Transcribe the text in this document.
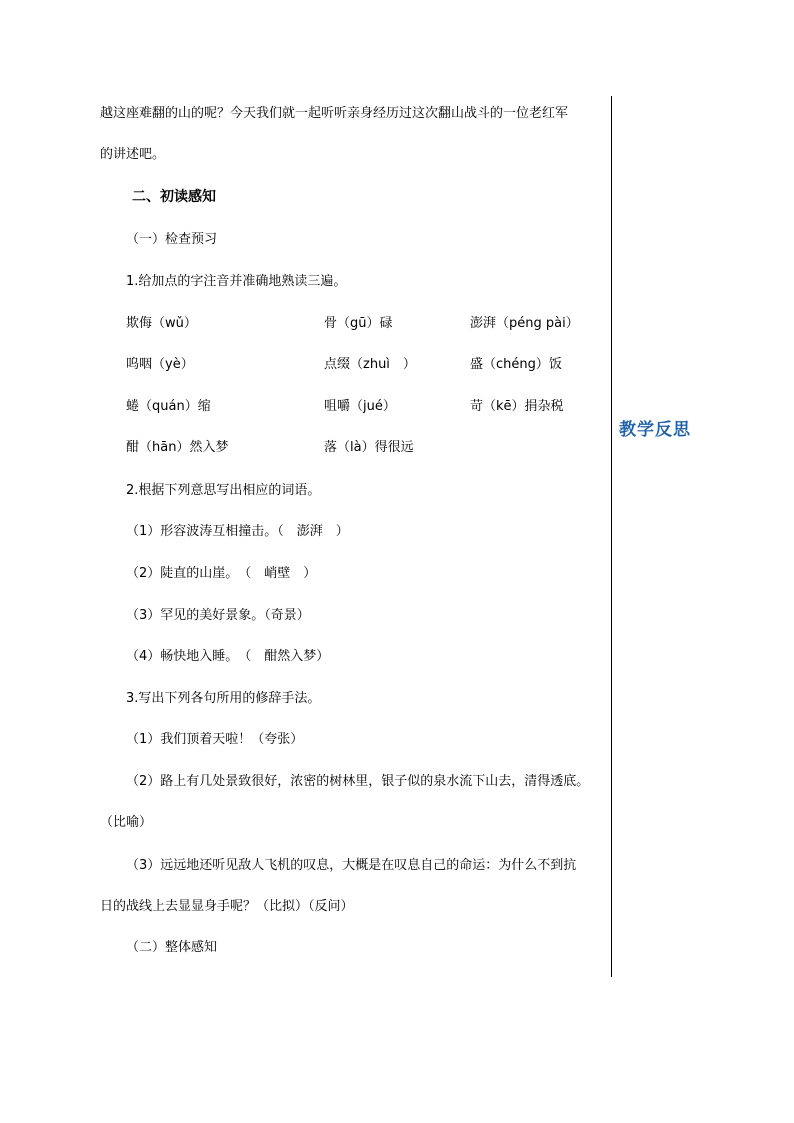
教学反思
越这座难翻的山的呢？今天我们就一起听听亲身经历过这次翻山战斗的一位老红军
的讲述吧。
二、初读感知
（一）检查预习
1.给加点的字注音并准确地熟读三遍。
欺侮（wǔ）	骨（gū）碌	澎湃（péng pài）
呜咽（yè）	点缀（zhuì　）	盛（chéng）饭
蜷（quán）缩	咀嚼（jué）	苛（kē）捐杂税
酣（hān）然入梦	落（là）得很远
2.根据下列意思写出相应的词语。
（1）形容波涛互相撞击。（　澎湃　）
（2）陡直的山崖。　（　峭壁　）
（3）罕见的美好景象。（奇景）
（4）畅快地入睡。　（　酣然入梦）
3.写出下列各句所用的修辞手法。
（1）我们顶着天啦！（夸张）
（2）路上有几处景致很好，浓密的树林里，银子似的泉水流下山去，清得透底。
（比喻）
（3）远远地还听见敌人飞机的叹息，大概是在叹息自己的命运：为什么不到抗
日的战线上去显显身手呢？（比拟）（反问）
（二）整体感知
